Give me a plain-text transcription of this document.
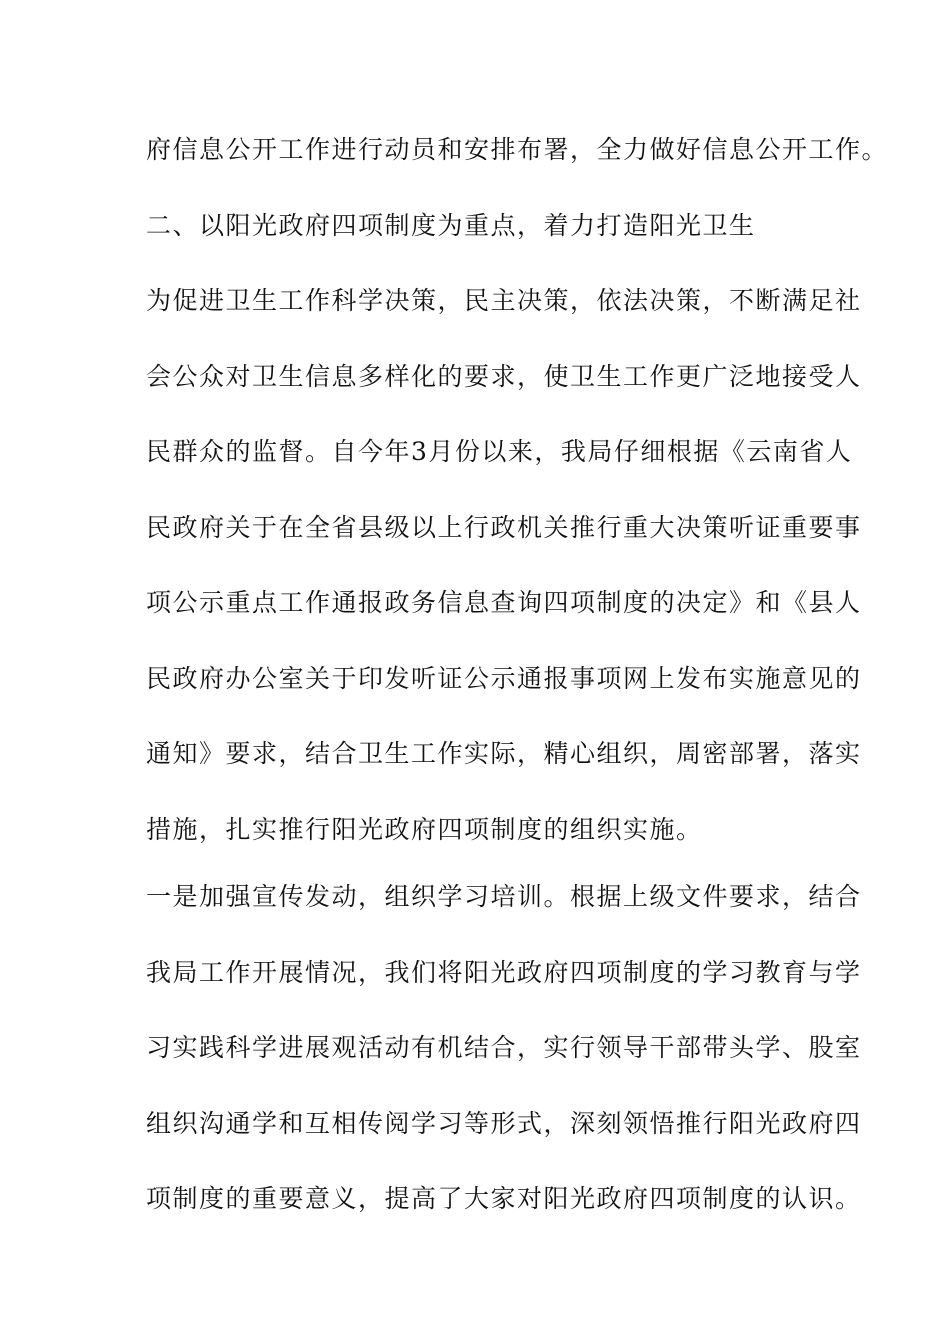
府信息公开工作进行动员和安排布署，全力做好信息公开工作。
二、以阳光政府四项制度为重点，着力打造阳光卫生
为促进卫生工作科学决策，民主决策，依法决策，不断满足社
会公众对卫生信息多样化的要求，使卫生工作更广泛地接受人
民群众的监督。自今年3月份以来，我局仔细根据《云南省人
民政府关于在全省县级以上行政机关推行重大决策听证重要事
项公示重点工作通报政务信息查询四项制度的决定》和《县人
民政府办公室关于印发听证公示通报事项网上发布实施意见的
通知》要求，结合卫生工作实际，精心组织，周密部署，落实
措施，扎实推行阳光政府四项制度的组织实施。
一是加强宣传发动，组织学习培训。根据上级文件要求，结合
我局工作开展情况，我们将阳光政府四项制度的学习教育与学
习实践科学进展观活动有机结合，实行领导干部带头学、股室
组织沟通学和互相传阅学习等形式，深刻领悟推行阳光政府四
项制度的重要意义，提高了大家对阳光政府四项制度的认识。
